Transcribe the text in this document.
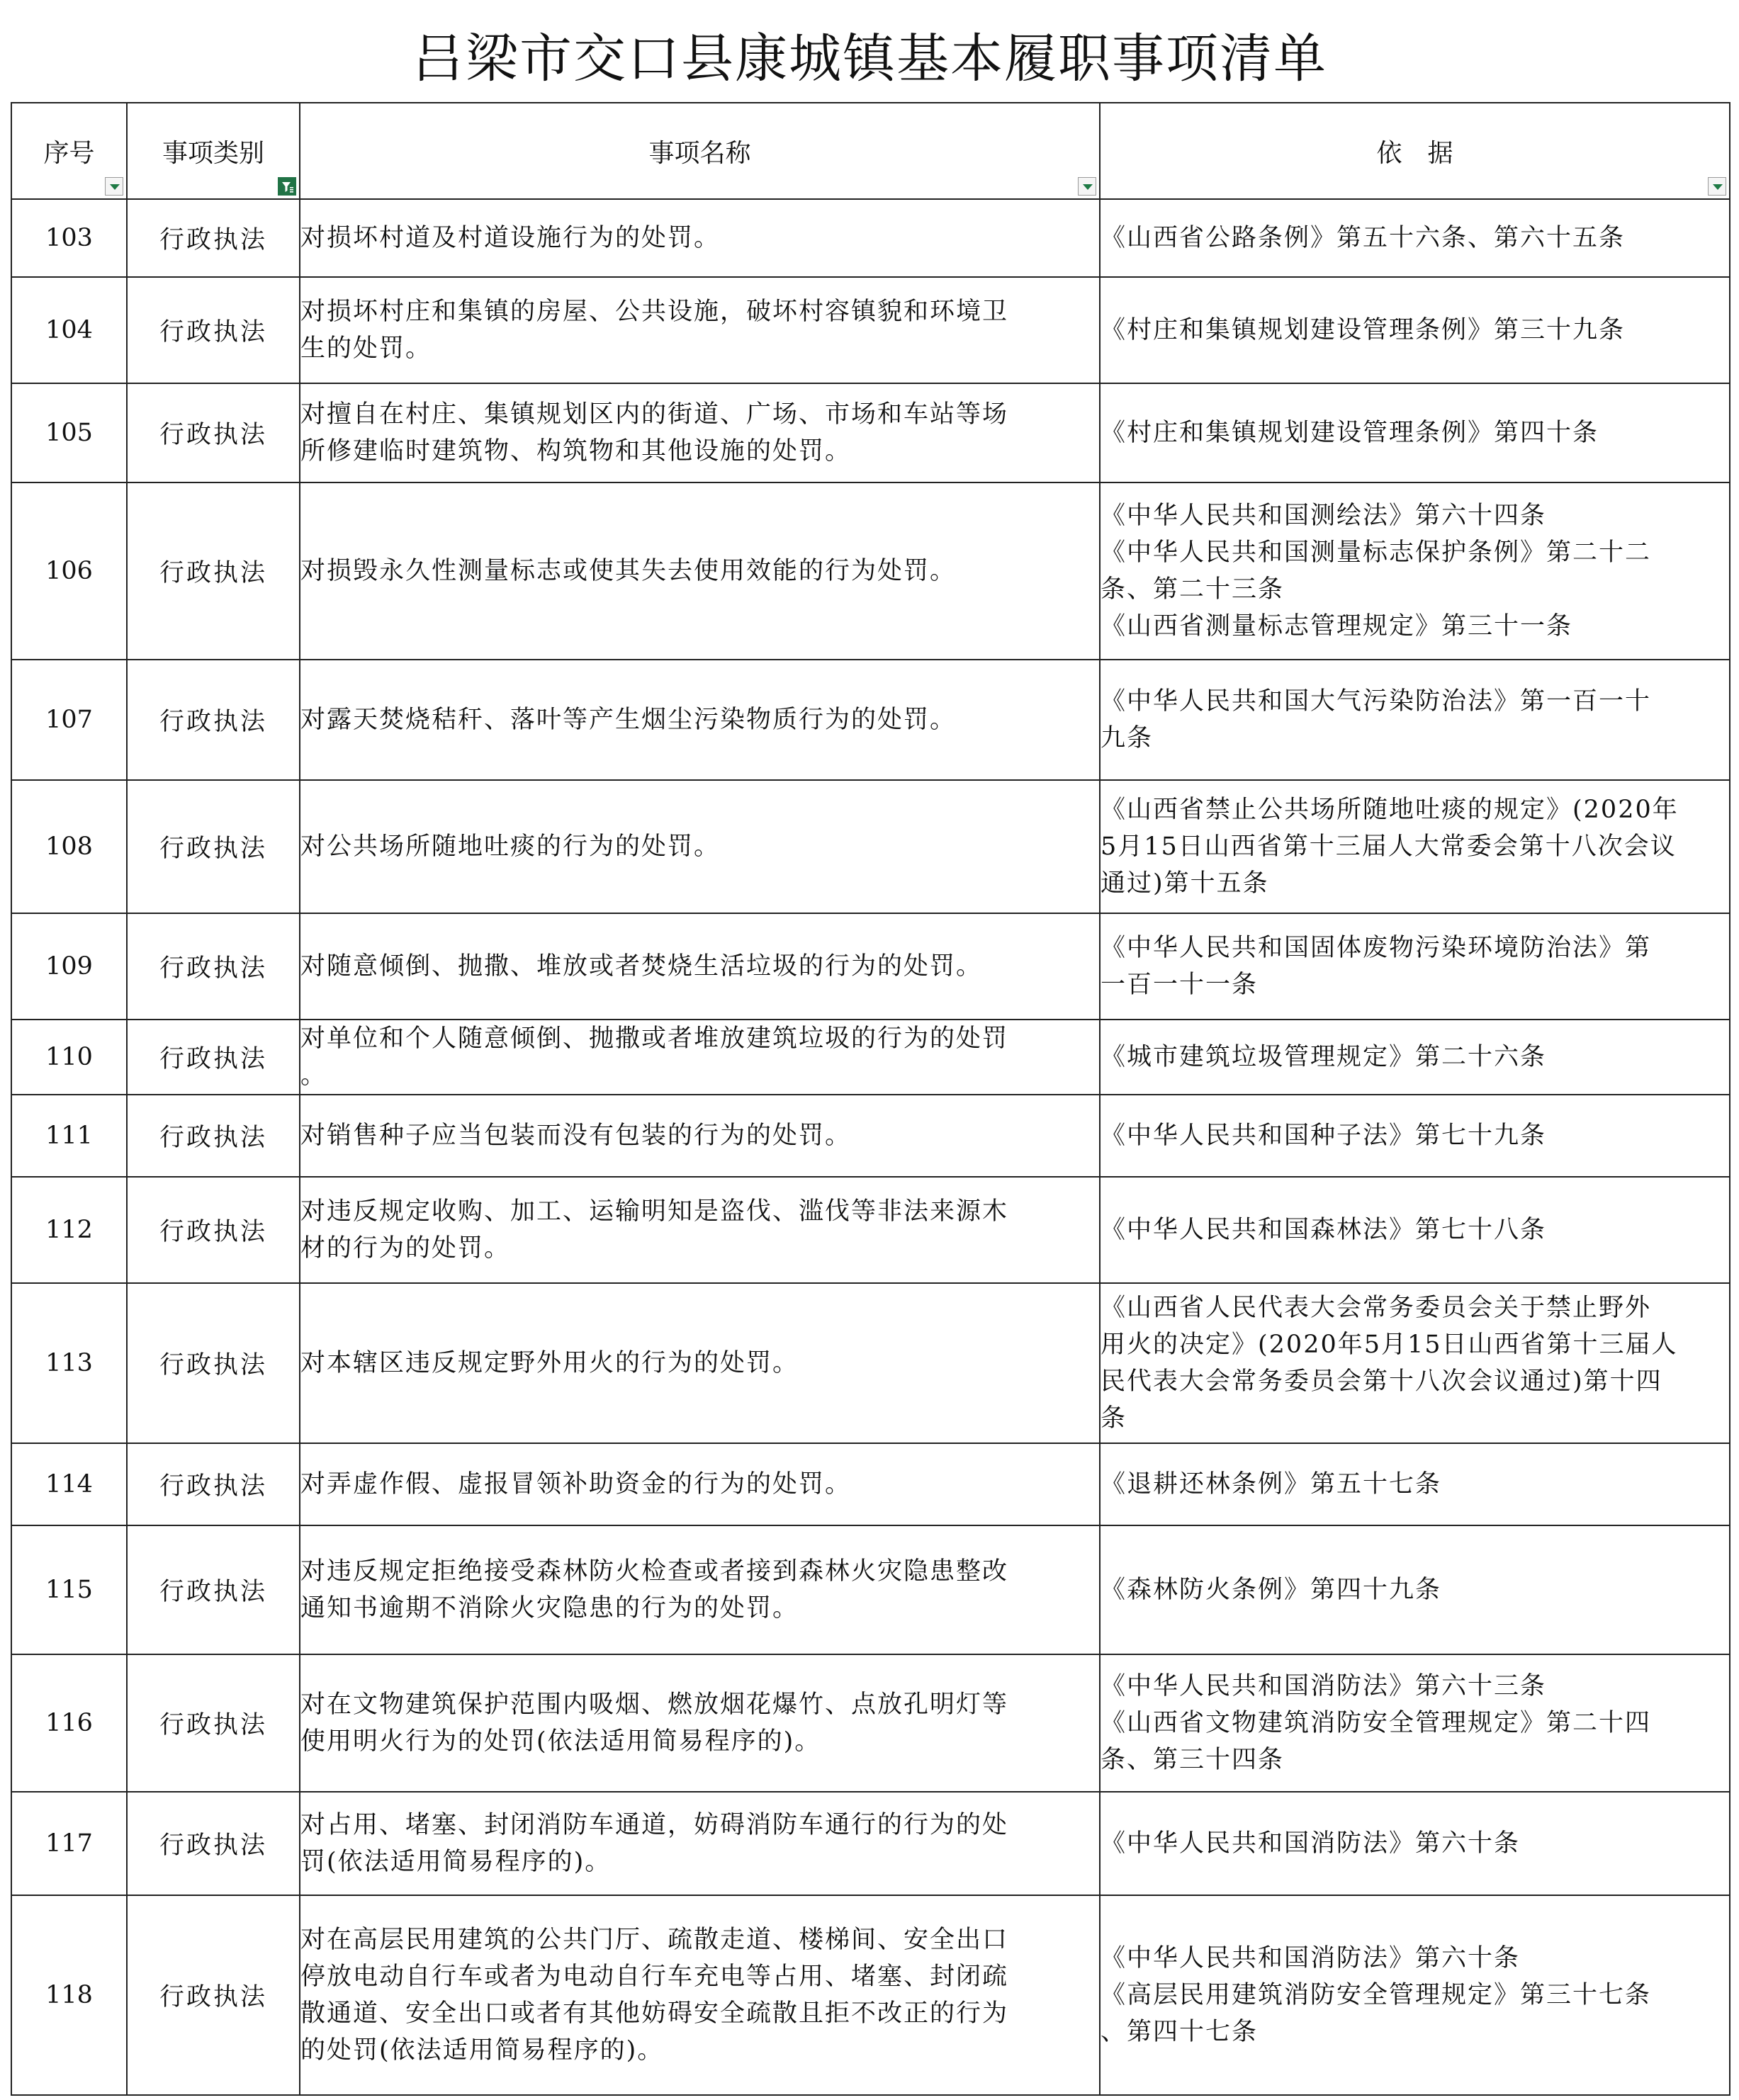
吕梁市交口县康城镇基本履职事项清单
序号	事项类别	事项名称	依　据

103	行政执法	对损坏村道及村道设施行为的处罚。	《山西省公路条例》第五十六条、第六十五条

104	行政执法	对损坏村庄和集镇的房屋、公共设施，破坏村容镇貌和环境卫
生的处罚。	《村庄和集镇规划建设管理条例》第三十九条

105	行政执法	对擅自在村庄、集镇规划区内的街道、广场、市场和车站等场
所修建临时建筑物、构筑物和其他设施的处罚。	《村庄和集镇规划建设管理条例》第四十条

106	行政执法	对损毁永久性测量标志或使其失去使用效能的行为处罚。	《中华人民共和国测绘法》第六十四条
《中华人民共和国测量标志保护条例》第二十二
条、第二十三条
《山西省测量标志管理规定》第三十一条

107	行政执法	对露天焚烧秸秆、落叶等产生烟尘污染物质行为的处罚。	《中华人民共和国大气污染防治法》第一百一十
九条

108	行政执法	对公共场所随地吐痰的行为的处罚。	《山西省禁止公共场所随地吐痰的规定》(2020年
5月15日山西省第十三届人大常委会第十八次会议
通过)第十五条

109	行政执法	对随意倾倒、抛撒、堆放或者焚烧生活垃圾的行为的处罚。	《中华人民共和国固体废物污染环境防治法》第
一百一十一条

110	行政执法	对单位和个人随意倾倒、抛撒或者堆放建筑垃圾的行为的处罚
。	《城市建筑垃圾管理规定》第二十六条

111	行政执法	对销售种子应当包装而没有包装的行为的处罚。	《中华人民共和国种子法》第七十九条

112	行政执法	对违反规定收购、加工、运输明知是盗伐、滥伐等非法来源木
材的行为的处罚。	《中华人民共和国森林法》第七十八条

113	行政执法	对本辖区违反规定野外用火的行为的处罚。	《山西省人民代表大会常务委员会关于禁止野外
用火的决定》(2020年5月15日山西省第十三届人
民代表大会常务委员会第十八次会议通过)第十四
条

114	行政执法	对弄虚作假、虚报冒领补助资金的行为的处罚。	《退耕还林条例》第五十七条

115	行政执法	对违反规定拒绝接受森林防火检查或者接到森林火灾隐患整改
通知书逾期不消除火灾隐患的行为的处罚。	《森林防火条例》第四十九条

116	行政执法	对在文物建筑保护范围内吸烟、燃放烟花爆竹、点放孔明灯等
使用明火行为的处罚(依法适用简易程序的)。	《中华人民共和国消防法》第六十三条
《山西省文物建筑消防安全管理规定》第二十四
条、第三十四条

117	行政执法	对占用、堵塞、封闭消防车通道，妨碍消防车通行的行为的处
罚(依法适用简易程序的)。	《中华人民共和国消防法》第六十条

118	行政执法	对在高层民用建筑的公共门厅、疏散走道、楼梯间、安全出口
停放电动自行车或者为电动自行车充电等占用、堵塞、封闭疏
散通道、安全出口或者有其他妨碍安全疏散且拒不改正的行为
的处罚(依法适用简易程序的)。	《中华人民共和国消防法》第六十条
《高层民用建筑消防安全管理规定》第三十七条
、第四十七条
